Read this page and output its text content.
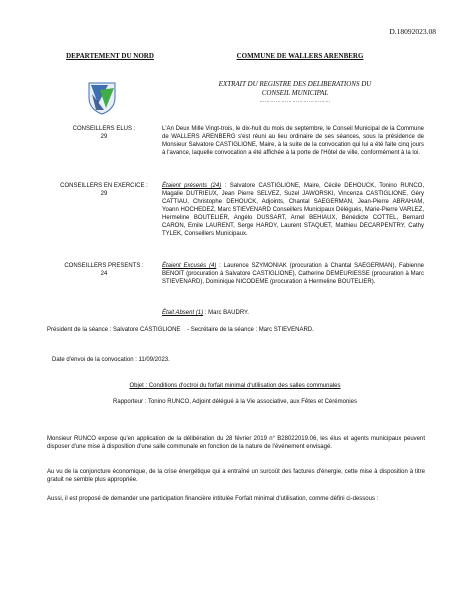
D.18092023.08
DEPARTEMENT DU NORD	COMMUNE DE WALLERS ARENBERG
EXTRAIT DU REGISTRE DES DELIBERATIONS DU
CONSEIL MUNICIPAL
…………………………………
CONSEILLERS ELUS :
29
L'An Deux Mille Vingt-trois, le dix-huit du mois de septembre, le Conseil Municipal de la Commune de WALLERS ARENBERG s'est réuni au lieu ordinaire de ses séances, sous la présidence de Monsieur Salvatore CASTIGLIONE, Maire, à la suite de la convocation qui lui a été faite cinq jours à l'avance, laquelle convocation a été affichée à la porte de l'Hôtel de ville, conformément à la loi.
CONSEILLERS EN EXERCICE :
29
Étaient présents (24) : Salvatore CASTIGLIONE, Maire, Cécile DEHOUCK, Tonino RUNCO, Magalie DUTRIEUX, Jean Pierre SELVEZ, Suzel JAWORSKI, Vincenza CASTIGLIONE, Géry CATTIAU, Christophe DEHOUCK, Adjoints, Chantal SAEGERMAN, Jean-Pierre ABRAHAM, Yoann HOCHEDEZ, Marc STIEVENARD Conseillers Municipaux Délégués, Marie-Pierre VARLEZ, Hermeline BOUTELIER, Angélo DUSSART, Arnel BEHIAUX, Bénédicte COTTEL, Bernard CARON, Emile LAURENT, Serge HARDY, Laurent STAQUET, Mathieu DECARPENTRY, Cathy TYLEK, Conseillers Municipaux.
CONSEILLERS PRESENTS :
24
Étaient Excusés (4) : Laurence SZYMONIAK (procuration à Chantal SAEGERMAN), Fabienne BENOIT (procuration à Salvatore CASTIGLIONE), Catherine DEMEURIESSE (procuration à Marc STIEVENARD), Dominique NICODEME (procuration à Hermeline BOUTELIER).
Était Absent (1) : Marc BAUDRY.
Président de la séance : Salvatore CASTIGLIONE - Secrétaire de la séance : Marc STIEVENARD.
Date d'envoi de la convocation : 11/09/2023.
Objet : Conditions d'octroi du forfait minimal d'utilisation des salles communales
Rapporteur : Tonino RUNCO, Adjoint délégué à la Vie associative, aux Fêtes et Cérémonies
Monsieur RUNCO expose qu'en application de la délibération du 28 février 2019 n° B28022019.06, les élus et agents municipaux peuvent disposer d'une mise à disposition d'une salle communale en fonction de la nature de l'événement envisagé.
Au vu de la conjoncture économique, de la crise énergétique qui a entraîné un surcoût des factures d'énergie, cette mise à disposition à titre gratuit ne semble plus appropriée.
Aussi, il est proposé de demander une participation financière intitulée Forfait minimal d'utilisation, comme défini ci-dessous :
